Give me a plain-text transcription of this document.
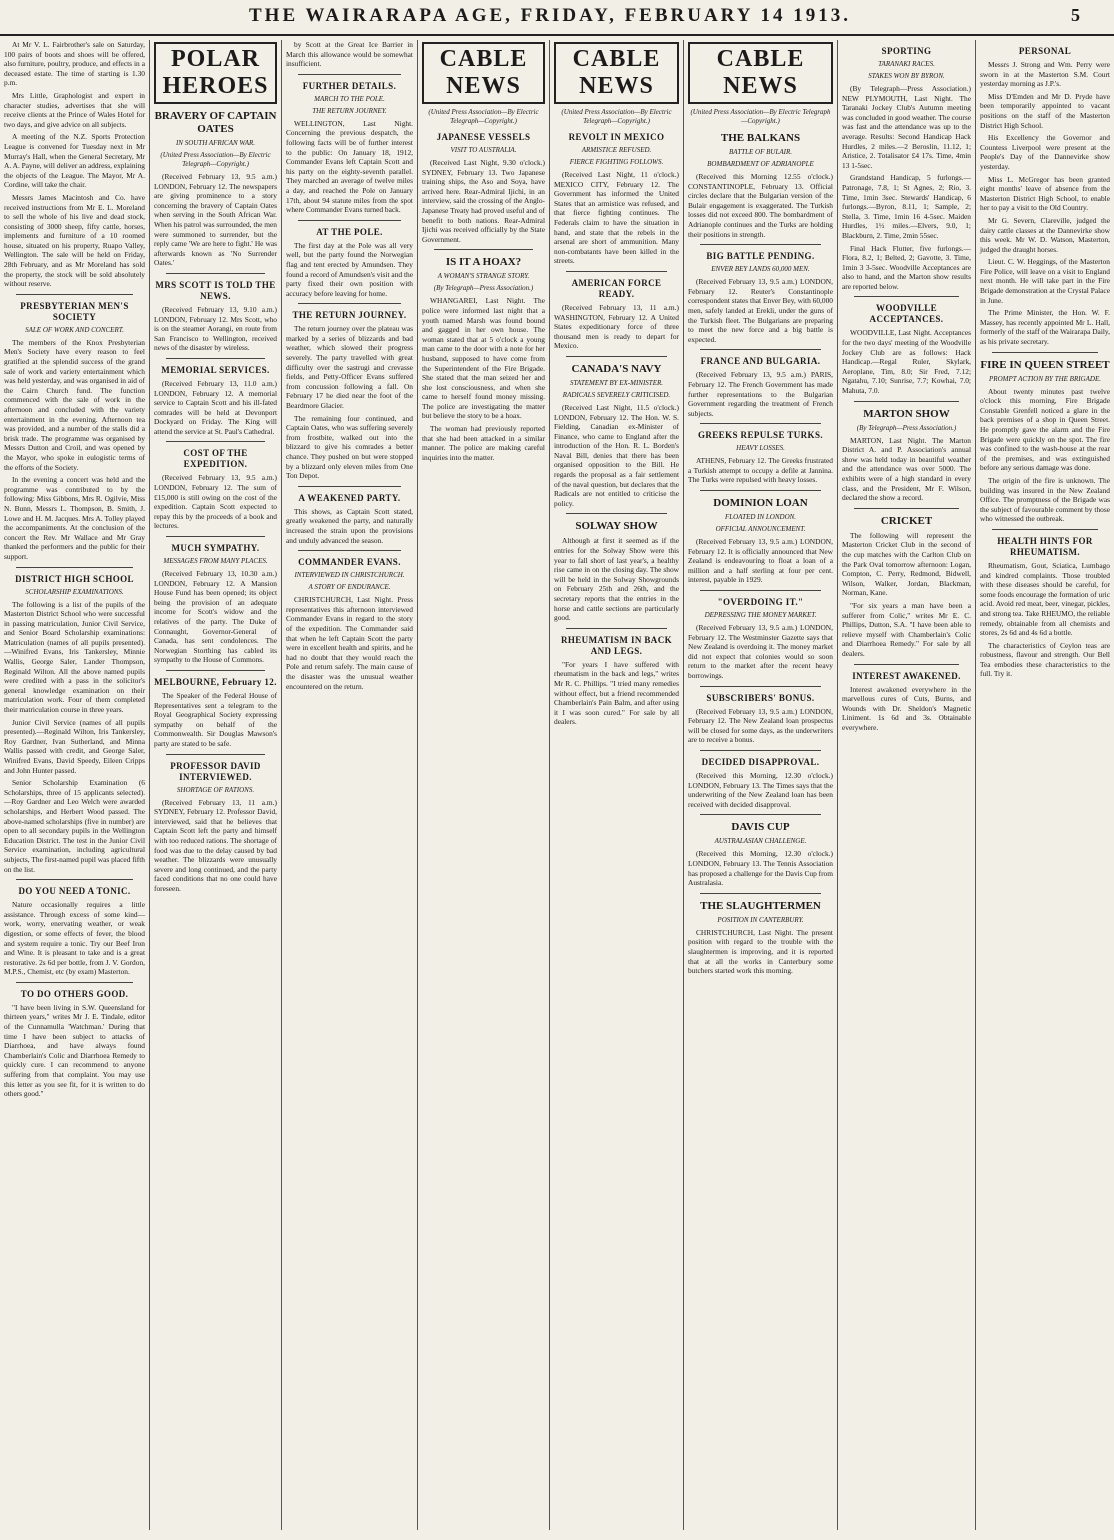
THE WAIRARAPA AGE, FRIDAY, FEBRUARY 14 1913.	5

At Mr V. L. Fairbrother's sale on Saturday, 100 pairs of boots and shoes will be offered, also furniture, poultry, produce, and effects in a deceased estate. The time of starting is 1.30 p.m.

Mrs Little, Graphologist and expert in character studies, advertises that she will receive clients at the Prince of Wales Hotel for two days, and give advice on all subjects.

A meeting of the N.Z. Sports Protection League is convened for Tuesday next in Mr Murray's Hall, when the General Secretary, Mr A. A. Payne, will deliver an address, explaining the objects of the League. The Mayor, Mr A. Cordine, will take the chair.

Messrs James Macintosh and Co. have received instructions from Mr E. L. Moreland to sell the whole of his live and dead stock, consisting of 3000 sheep, fifty cattle, horses, implements and furniture of a 10 roomed house, situated on his property, Ruapo Valley, Wellington. The sale will be held on Friday, 28th February, and as Mr Moreland has sold the property, the stock will be sold absolutely without reserve.

PRESBYTERIAN MEN'S SOCIETY
SALE OF WORK AND CONCERT.

The members of the Knox Presbyterian Men's Society have every reason to feel gratified at the splendid success of the grand sale of work and variety entertainment which was held yesterday, and was organised in aid of the Cairn Church fund. The function commenced with the sale of work in the afternoon and concluded with the variety entertainment in the evening. Afternoon tea was provided, and a number of the stalls did a brisk trade. The programme was organised by Messrs Dutton and Croil, and was opened by the Mayor, who spoke in eulogistic terms of the efforts of the Society.

In the evening a concert was held and the programme was contributed to by the following: Miss Gibbons, Mrs R. Ogilvie, Miss N. Bunn, Messrs L. Thompson, B. Smith, J. Lowe and H. M. Jacques. Mrs A. Tolley played the accompaniments. At the conclusion of the concert the Rev. Mr Wallace and Mr Gray thanked the performers and the public for their support.

DISTRICT HIGH SCHOOL
SCHOLARSHIP EXAMINATIONS.

The following is a list of the pupils of the Masterton District School who were successful in passing matriculation, Junior Civil Service, and Senior Board Scholarship examinations: Matriculation (names of all pupils presented).—Winifred Evans, Iris Tankersley, Minnie Wallis, George Saler, Lander Thompson, Reginald Wilton. All the above named pupils were credited with a pass in the solicitor's general knowledge examination on their matriculation work. Four of them completed their matriculation course in three years.

Junior Civil Service (names of all pupils presented).—Reginald Wilton, Iris Tankersley, Roy Gardner, Ivan Sutherland, and Minna Wallis passed with credit, and George Saler, Winifred Evans, David Speedy, Eileen Cripps and John Hunter passed.

Senior Scholarship Examination (6 Scholarships, three of 15 applicants selected).—Roy Gardner and Leo Welch were awarded scholarships, and Herbert Wood passed. The above-named scholarships (five in number) are open to all secondary pupils in the Wellington Education District. The test in the Junior Civil Service examination, including agricultural subjects, The first-named pupil was placed fifth on the list.

DO YOU NEED A TONIC.

Nature occasionally requires a little assistance. Through excess of some kind—work, worry, enervating weather, or weak digestion, or some effects of fever, the blood and system require a tonic. Try our Beef Iron and Wine. It is pleasant to take and is a great restorative. 2s 6d per bottle, from J. V. Gordon, M.P.S., Chemist, etc (by exam) Masterton.

TO DO OTHERS GOOD.

"I have been living in S.W. Queensland for thirteen years," writes Mr J. E. Tindale, editor of the Cunnamulla 'Watchman.' During that time I have been subject to attacks of Diarrhoea, and have always found Chamberlain's Colic and Diarrhoea Remedy to quickly cure. I can recommend to anyone suffering from that complaint. You may use this letter as you see fit, for it is written to do others good."

POLAR HEROES
BRAVERY OF CAPTAIN OATES
IN SOUTH AFRICAN WAR.
(United Press Association—By Electric Telegraph—Copyright.)

(Received February 13, 9.5 a.m.) LONDON, February 12. The newspapers are giving prominence to a story concerning the bravery of Captain Oates when serving in the South African War. When his patrol was surrounded, the men were summoned to surrender, but the reply came 'We are here to fight.' He was afterwards known as 'No Surrender Oates.'

MRS SCOTT IS TOLD THE NEWS.

(Received February 13, 9.10 a.m.) LONDON, February 12. Mrs Scott, who is on the steamer Aorangi, en route from San Francisco to Wellington, received news of the disaster by wireless.

MEMORIAL SERVICES.

(Received February 13, 11.0 a.m.) LONDON, February 12. A memorial service to Captain Scott and his ill-fated comrades will be held at Devonport Dockyard on Friday. The King will attend the service at St. Paul's Cathedral.

COST OF THE EXPEDITION.

(Received February 13, 9.5 a.m.) LONDON, February 12. The sum of £15,000 is still owing on the cost of the expedition. Captain Scott expected to repay this by the proceeds of a book and lectures.

MUCH SYMPATHY.
MESSAGES FROM MANY PLACES.

(Received February 13, 10.30 a.m.) LONDON, February 12. A Mansion House Fund has been opened; its object being the provision of an adequate income for Scott's widow and the relatives of the party. The Duke of Connaught, Governor-General of Canada, has sent condolences. The Norwegian Storthing has cabled its sympathy to the House of Commons.

MELBOURNE, February 12.

The Speaker of the Federal House of Representatives sent a telegram to the Royal Geographical Society expressing sympathy on behalf of the Commonwealth. Sir Douglas Mawson's party are stated to be safe.

PROFESSOR DAVID INTERVIEWED.
SHORTAGE OF RATIONS.

(Received February 13, 11 a.m.) SYDNEY, February 12. Professor David, interviewed, said that he believes that Captain Scott left the party and himself with too reduced rations. The shortage of food was due to the delay caused by bad weather. The blizzards were unusually severe and long continued, and the party faced conditions that no one could have foreseen.

by Scott at the Great Ice Barrier in March this allowance would be somewhat insufficient.

FURTHER DETAILS.
MARCH TO THE POLE.
THE RETURN JOURNEY.

WELLINGTON, Last Night. Concerning the previous despatch, the following facts will be of further interest to the public: On January 18, 1912, Commander Evans left Captain Scott and his party on the eighty-seventh parallel. They marched an average of twelve miles a day, and reached the Pole on January 17th, about 94 statute miles from the spot where Commander Evans turned back.

AT THE POLE.

The first day at the Pole was all very well, but the party found the Norwegian flag and tent erected by Amundsen. They found a record of Amundsen's visit and the party fixed their own position with accuracy before leaving for home.

THE RETURN JOURNEY.

The return journey over the plateau was marked by a series of blizzards and bad weather, which slowed their progress severely. The party travelled with great difficulty over the sastrugi and crevasse fields, and Petty-Officer Evans suffered from concussion following a fall. On February 17 he died near the foot of the Beardmore Glacier.

The remaining four continued, and Captain Oates, who was suffering severely from frostbite, walked out into the blizzard to give his comrades a better chance. They pushed on but were stopped by a blizzard only eleven miles from One Ton Depot.

A WEAKENED PARTY.

This shows, as Captain Scott stated, greatly weakened the party, and naturally increased the strain upon the provisions and unduly advanced the season.

COMMANDER EVANS.
INTERVIEWED IN CHRISTCHURCH.
A STORY OF ENDURANCE.

CHRISTCHURCH, Last Night. Press representatives this afternoon interviewed Commander Evans in regard to the story of the expedition. The Commander said that when he left Captain Scott the party were in excellent health and spirits, and he had no doubt that they would reach the Pole and return safely. The main cause of the disaster was the unusual weather encountered on the return.

CABLE NEWS
(United Press Association—By Electric Telegraph—Copyright.)
JAPANESE VESSELS
VISIT TO AUSTRALIA.

(Received Last Night, 9.30 o'clock.) SYDNEY, February 13. Two Japanese training ships, the Aso and Soya, have arrived here. Rear-Admiral Ijichi, in an interview, said the crossing of the Anglo-Japanese Treaty had proved useful and of benefit to both nations. Rear-Admiral Ijichi was received officially by the State Government.

IS IT A HOAX?
A WOMAN'S STRANGE STORY.
(By Telegraph—Press Association.)

WHANGAREI, Last Night. The police were informed last night that a youth named Marsh was found bound and gagged in her own house. The woman stated that at 5 o'clock a young man came to the door with a note for her husband, supposed to have come from the Superintendent of the Fire Brigade. She stated that the man seized her and she lost consciousness, and when she came to herself found money missing. The police are investigating the matter but believe the story to be a hoax.

The woman had previously reported that she had been attacked in a similar manner. The police are making careful inquiries into the matter.

CABLE NEWS
(United Press Association—By Electric Telegraph—Copyright.)
REVOLT IN MEXICO
ARMISTICE REFUSED.
FIERCE FIGHTING FOLLOWS.

(Received Last Night, 11 o'clock.) MEXICO CITY, February 12. The Government has informed the United States that an armistice was refused, and that fierce fighting continues. The Federals claim to have the situation in hand, and state that the rebels in the arsenal are short of ammunition. Many non-combatants have been killed in the streets.

AMERICAN FORCE READY.

(Received February 13, 11 a.m.) WASHINGTON, February 12. A United States expeditionary force of three thousand men is ready to depart for Mexico.

CANADA'S NAVY
STATEMENT BY EX-MINISTER.
RADICALS SEVERELY CRITICISED.

(Received Last Night, 11.5 o'clock.) LONDON, February 12. The Hon. W. S. Fielding, Canadian ex-Minister of Finance, who came to England after the introduction of the Hon. R. L. Borden's Naval Bill, denies that there has been organised opposition to the Bill. He regards the proposal as a fair settlement of the naval question, but declares that the Radicals are not entitled to criticise the policy.

SOLWAY SHOW

Although at first it seemed as if the entries for the Solway Show were this year to fall short of last year's, a healthy rise came in on the closing day. The show will be held in the Solway Showgrounds on February 25th and 26th, and the secretary reports that the entries in the horse and cattle sections are particularly good.

RHEUMATISM IN BACK AND LEGS.

"For years I have suffered with rheumatism in the back and legs," writes Mr R. C. Phillips. "I tried many remedies without effect, but a friend recommended Chamberlain's Pain Balm, and after using it I was soon cured." For sale by all dealers.

CABLE NEWS
(United Press Association—By Electric Telegraph—Copyright.)
THE BALKANS
BATTLE OF BULAIR.
BOMBARDMENT OF ADRIANOPLE

(Received this Morning 12.55 o'clock.) CONSTANTINOPLE, February 13. Official circles declare that the Bulgarian version of the Bulair engagement is exaggerated. The Turkish losses did not exceed 800. The bombardment of Adrianople continues and the Turks are holding their positions in strength.

BIG BATTLE PENDING.
ENVER BEY LANDS 60,000 MEN.

(Received February 13, 9.5 a.m.) LONDON, February 12. Reuter's Constantinople correspondent states that Enver Bey, with 60,000 men, safely landed at Erekli, under the guns of the Turkish fleet. The Bulgarians are preparing to meet the new force and a big battle is expected.

FRANCE AND BULGARIA.

(Received February 13, 9.5 a.m.) PARIS, February 12. The French Government has made further representations to the Bulgarian Government regarding the treatment of French subjects.

GREEKS REPULSE TURKS.
HEAVY LOSSES.

ATHENS, February 12. The Greeks frustrated a Turkish attempt to occupy a defile at Jannina. The Turks were repulsed with heavy losses.

DOMINION LOAN
FLOATED IN LONDON.
OFFICIAL ANNOUNCEMENT.

(Received February 13, 9.5 a.m.) LONDON, February 12. It is officially announced that New Zealand is endeavouring to float a loan of a million and a half sterling at four per cent. interest, payable in 1929.

"OVERDOING IT."
DEPRESSING THE MONEY MARKET.

(Received February 13, 9.5 a.m.) LONDON, February 12. The Westminster Gazette says that New Zealand is overdoing it. The money market did not expect that colonies would so soon return to the market after the recent heavy borrowings.

SUBSCRIBERS' BONUS.

(Received February 13, 9.5 a.m.) LONDON, February 12. The New Zealand loan prospectus will be closed for some days, as the underwriters are to receive a bonus.

DECIDED DISAPPROVAL.

(Received this Morning, 12.30 o'clock.) LONDON, February 13. The Times says that the underwriting of the New Zealand loan has been received with decided disapproval.

DAVIS CUP
AUSTRALASIAN CHALLENGE.

(Received this Morning, 12.30 o'clock.) LONDON, February 13. The Tennis Association has proposed a challenge for the Davis Cup from Australasia.

THE SLAUGHTERMEN
POSITION IN CANTERBURY.

CHRISTCHURCH, Last Night. The present position with regard to the trouble with the slaughtermen is improving, and it is reported that at all the works in Canterbury some butchers started work this morning.

SPORTING
TARANAKI RACES.
STAKES WON BY BYRON.

(By Telegraph—Press Association.) NEW PLYMOUTH, Last Night. The Taranaki Jockey Club's Autumn meeting was concluded in good weather. The course was fast and the attendance was up to the average. Results: Second Handicap Hack Hurdles, 2 miles.—2 Beroslin, 11.12, 1; Aristice, 2. Totalisator £4 17s. Time, 4min 13 1-5sec.

Grandstand Handicap, 5 furlongs.—Patronage, 7.8, 1; St Agnes, 2; Rio, 3. Time, 1min 3sec. Stewards' Handicap, 6 furlongs.—Byron, 8.11, 1; Sample, 2; Stella, 3. Time, 1min 16 4-5sec. Maiden Hurdles, 1½ miles.—Elvers, 9.0, 1; Blackburn, 2. Time, 2min 55sec.

Final Hack Flutter, five furlongs.—Flora, 8.2, 1; Belted, 2; Gavotte, 3. Time, 1min 3 3-5sec. Woodville Acceptances are also to hand, and the Marton show results are reported below.

WOODVILLE ACCEPTANCES.

WOODVILLE, Last Night. Acceptances for the two days' meeting of the Woodville Jockey Club are as follows: Hack Handicap.—Regal Ruler, Skylark, Aeroplane, Tim, 8.0; Sir Fred, 7.12; Ngatahu, 7.10; Sunrise, 7.7; Kowhai, 7.0; Mahuta, 7.0.

MARTON SHOW
(By Telegraph—Press Association.)

MARTON, Last Night. The Marton District A. and P. Association's annual show was held today in beautiful weather and the attendance was over 5000. The exhibits were of a high standard in every class, and the President, Mr F. Wilson, declared the show a record.

CRICKET

The following will represent the Masterton Cricket Club in the second of the cup matches with the Carlton Club on the Park Oval tomorrow afternoon: Logan, Compton, C. Perry, Redmond, Bidwell, Wilson, Walker, Jordan, Blackman, Norman, Kane.

"For six years a man have been a sufferer from Colic," writes Mr E. C. Phillips, Dutton, S.A. "I have been able to relieve myself with Chamberlain's Colic and Diarrhoea Remedy." For sale by all dealers.

INTEREST AWAKENED.

Interest awakened everywhere in the marvellous cures of Cuts, Burns, and Wounds with Dr. Sheldon's Magnetic Liniment. 1s 6d and 3s. Obtainable everywhere.

PERSONAL

Messrs J. Strong and Wm. Perry were sworn in at the Masterton S.M. Court yesterday morning as J.P.'s.

Miss D'Emden and Mr D. Pryde have been temporarily appointed to vacant positions on the staff of the Masterton District High School.

His Excellency the Governor and Countess Liverpool were present at the People's Day of the Dannevirke show yesterday.

Miss L. McGregor has been granted eight months' leave of absence from the Masterton District High School, to enable her to pay a visit to the Old Country.

Mr G. Severn, Clareville, judged the dairy cattle classes at the Dannevirke show this week. Mr W. D. Watson, Masterton, judged the draught horses.

Lieut. C. W. Heggings, of the Masterton Fire Police, will leave on a visit to England next month. He will take part in the Fire Brigade demonstration at the Crystal Palace in June.

The Prime Minister, the Hon. W. F. Massey, has recently appointed Mr L. Hall, formerly of the staff of the Wairarapa Daily, as his private secretary.

FIRE IN QUEEN STREET
PROMPT ACTION BY THE BRIGADE.

About twenty minutes past twelve o'clock this morning, Fire Brigade Constable Grenfell noticed a glare in the back premises of a shop in Queen Street. He promptly gave the alarm and the Fire Brigade were quickly on the spot. The fire was confined to the wash-house at the rear of the premises, and was extinguished before any serious damage was done.

The origin of the fire is unknown. The building was insured in the New Zealand Office. The promptness of the Brigade was the subject of favourable comment by those who witnessed the outbreak.

HEALTH HINTS FOR RHEUMATISM.

Rheumatism, Gout, Sciatica, Lumbago and kindred complaints. Those troubled with these diseases should be careful, for some foods encourage the formation of uric acid. Avoid red meat, beer, vinegar, pickles, and strong tea. Take RHEUMO, the reliable remedy, obtainable from all chemists and stores, 2s 6d and 4s 6d a bottle.

The characteristics of Ceylon teas are robustness, flavour and strength. Our Bell Tea embodies these characteristics to the full. Try it.
